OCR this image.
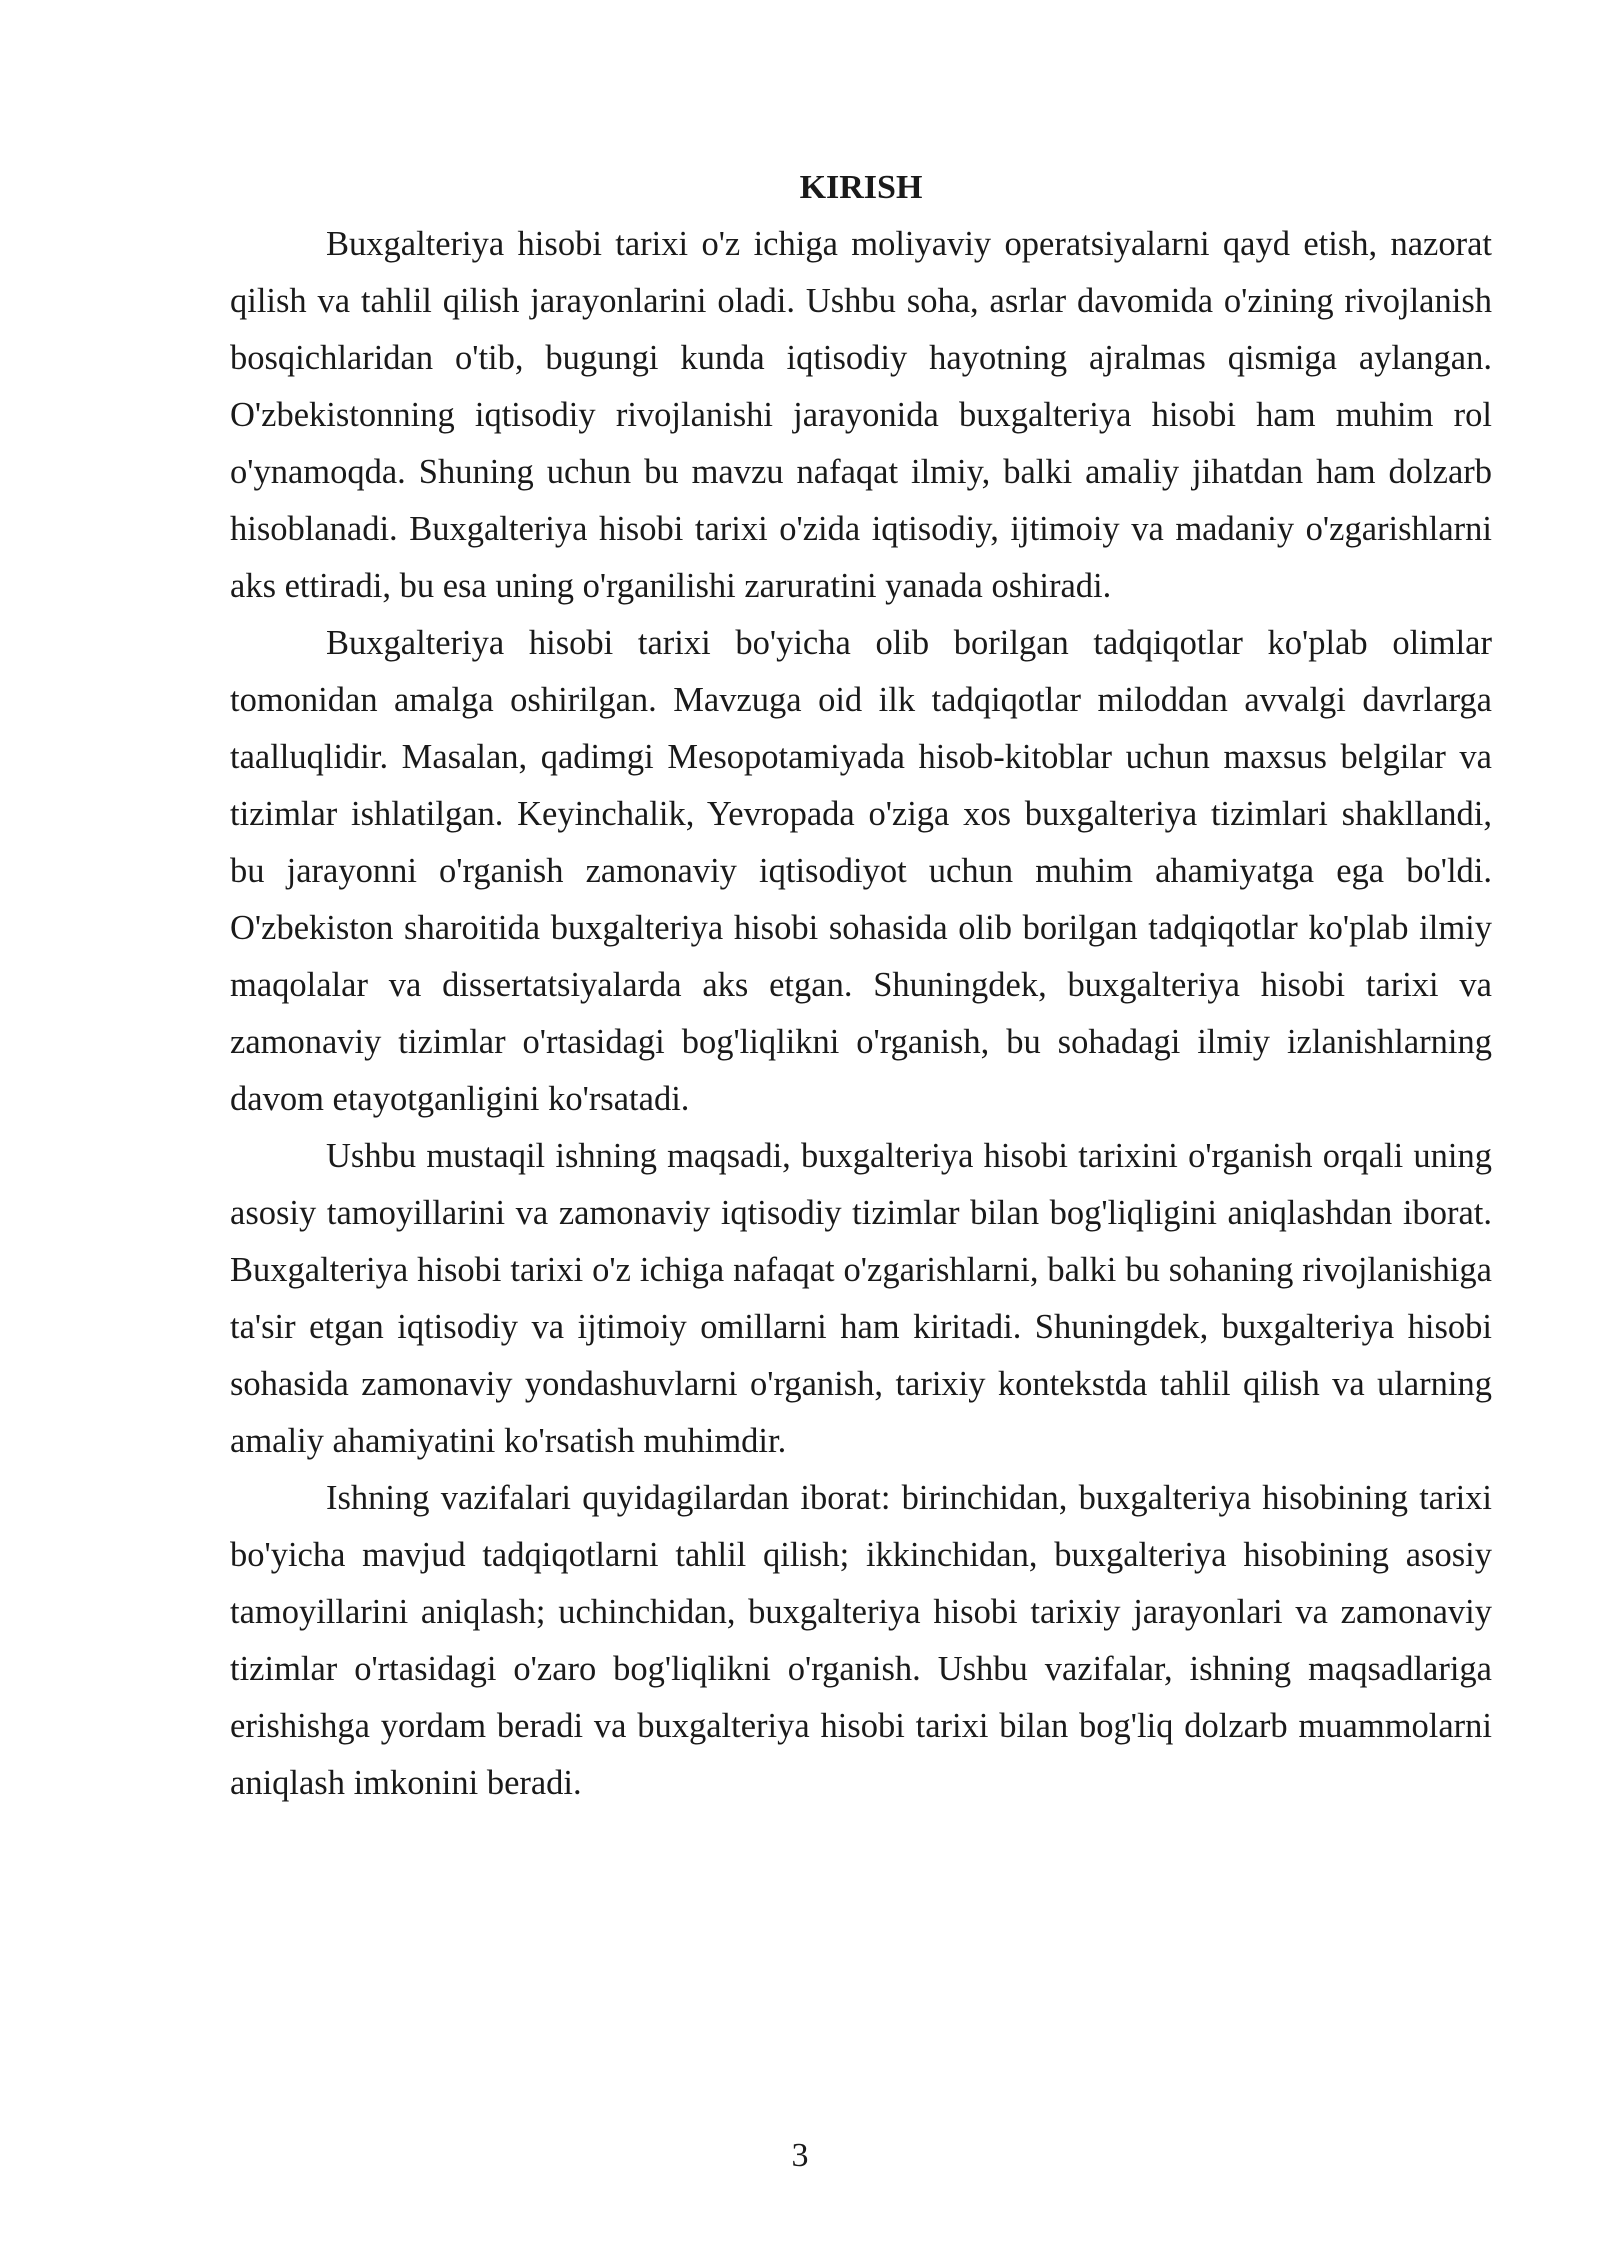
KIRISH

Buxgalteriya hisobi tarixi o'z ichiga moliyaviy operatsiyalarni qayd etish, nazorat qilish va tahlil qilish jarayonlarini oladi. Ushbu soha, asrlar davomida o'zining rivojlanish bosqichlaridan o'tib, bugungi kunda iqtisodiy hayotning ajralmas qismiga aylangan. O'zbekistonning iqtisodiy rivojlanishi jarayonida buxgalteriya hisobi ham muhim rol o'ynamoqda. Shuning uchun bu mavzu nafaqat ilmiy, balki amaliy jihatdan ham dolzarb hisoblanadi. Buxgalteriya hisobi tarixi o'zida iqtisodiy, ijtimoiy va madaniy o'zgarishlarni aks ettiradi, bu esa uning o'rganilishi zaruratini yanada oshiradi.

Buxgalteriya hisobi tarixi bo'yicha olib borilgan tadqiqotlar ko'plab olimlar tomonidan amalga oshirilgan. Mavzuga oid ilk tadqiqotlar miloddan avvalgi davrlarga taalluqlidir. Masalan, qadimgi Mesopotamiyada hisob-kitoblar uchun maxsus belgilar va tizimlar ishlatilgan. Keyinchalik, Yevropada o'ziga xos buxgalteriya tizimlari shakllandi, bu jarayonni o'rganish zamonaviy iqtisodiyot uchun muhim ahamiyatga ega bo'ldi. O'zbekiston sharoitida buxgalteriya hisobi sohasida olib borilgan tadqiqotlar ko'plab ilmiy maqolalar va dissertatsiyalarda aks etgan. Shuningdek, buxgalteriya hisobi tarixi va zamonaviy tizimlar o'rtasidagi bog'liqlikni o'rganish, bu sohadagi ilmiy izlanishlarning davom etayotganligini ko'rsatadi.

Ushbu mustaqil ishning maqsadi, buxgalteriya hisobi tarixini o'rganish orqali uning asosiy tamoyillarini va zamonaviy iqtisodiy tizimlar bilan bog'liqligini aniqlashdan iborat. Buxgalteriya hisobi tarixi o'z ichiga nafaqat o'zgarishlarni, balki bu sohaning rivojlanishiga ta'sir etgan iqtisodiy va ijtimoiy omillarni ham kiritadi. Shuningdek, buxgalteriya hisobi sohasida zamonaviy yondashuvlarni o'rganish, tarixiy kontekstda tahlil qilish va ularning amaliy ahamiyatini ko'rsatish muhimdir.

Ishning vazifalari quyidagilardan iborat: birinchidan, buxgalteriya hisobining tarixi bo'yicha mavjud tadqiqotlarni tahlil qilish; ikkinchidan, buxgalteriya hisobining asosiy tamoyillarini aniqlash; uchinchidan, buxgalteriya hisobi tarixiy jarayonlari va zamonaviy tizimlar o'rtasidagi o'zaro bog'liqlikni o'rganish. Ushbu vazifalar, ishning maqsadlariga erishishga yordam beradi va buxgalteriya hisobi tarixi bilan bog'liq dolzarb muammolarni aniqlash imkonini beradi.

3
